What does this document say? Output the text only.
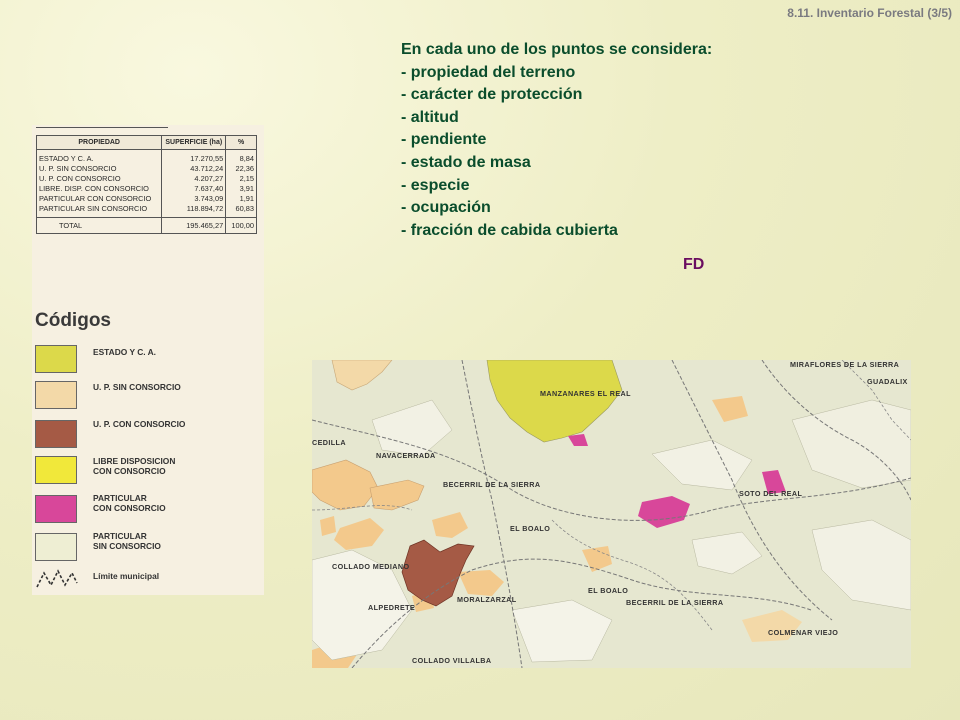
8.11. Inventario Forestal (3/5)
En cada uno de los puntos se considera:
- propiedad del terreno
- carácter de protección
- altitud
- pendiente
- estado de masa
- especie
- ocupación
- fracción de cabida cubierta
FD
PROPIEDAD	SUPERFICIE (ha)	%
ESTADO Y C. A.	17.270,55	8,84
U. P. SIN CONSORCIO	43.712,24	22,36
U. P. CON CONSORCIO	4.207,27	2,15
LIBRE. DISP. CON CONSORCIO	7.637,40	3,91
PARTICULAR CON CONSORCIO	3.743,09	1,91
PARTICULAR SIN CONSORCIO	118.894,72	60,83
TOTAL	195.465,27	100,00
Códigos
ESTADO Y C. A.
U. P. SIN CONSORCIO
U. P. CON CONSORCIO
LIBRE DISPOSICION
CON CONSORCIO
PARTICULAR
CON CONSORCIO
PARTICULAR
SIN CONSORCIO
Límite municipal
MIRAFLORES DE LA SIERRA
GUADALIX
MANZANARES EL REAL
CEDILLA
NAVACERRADA
BECERRIL DE LA SIERRA
SOTO DEL REAL
EL BOALO
COLLADO MEDIANO
MORALZARZAL
EL BOALO
BECERRIL DE LA SIERRA
ALPEDRETE
COLMENAR VIEJO
COLLADO VILLALBA
